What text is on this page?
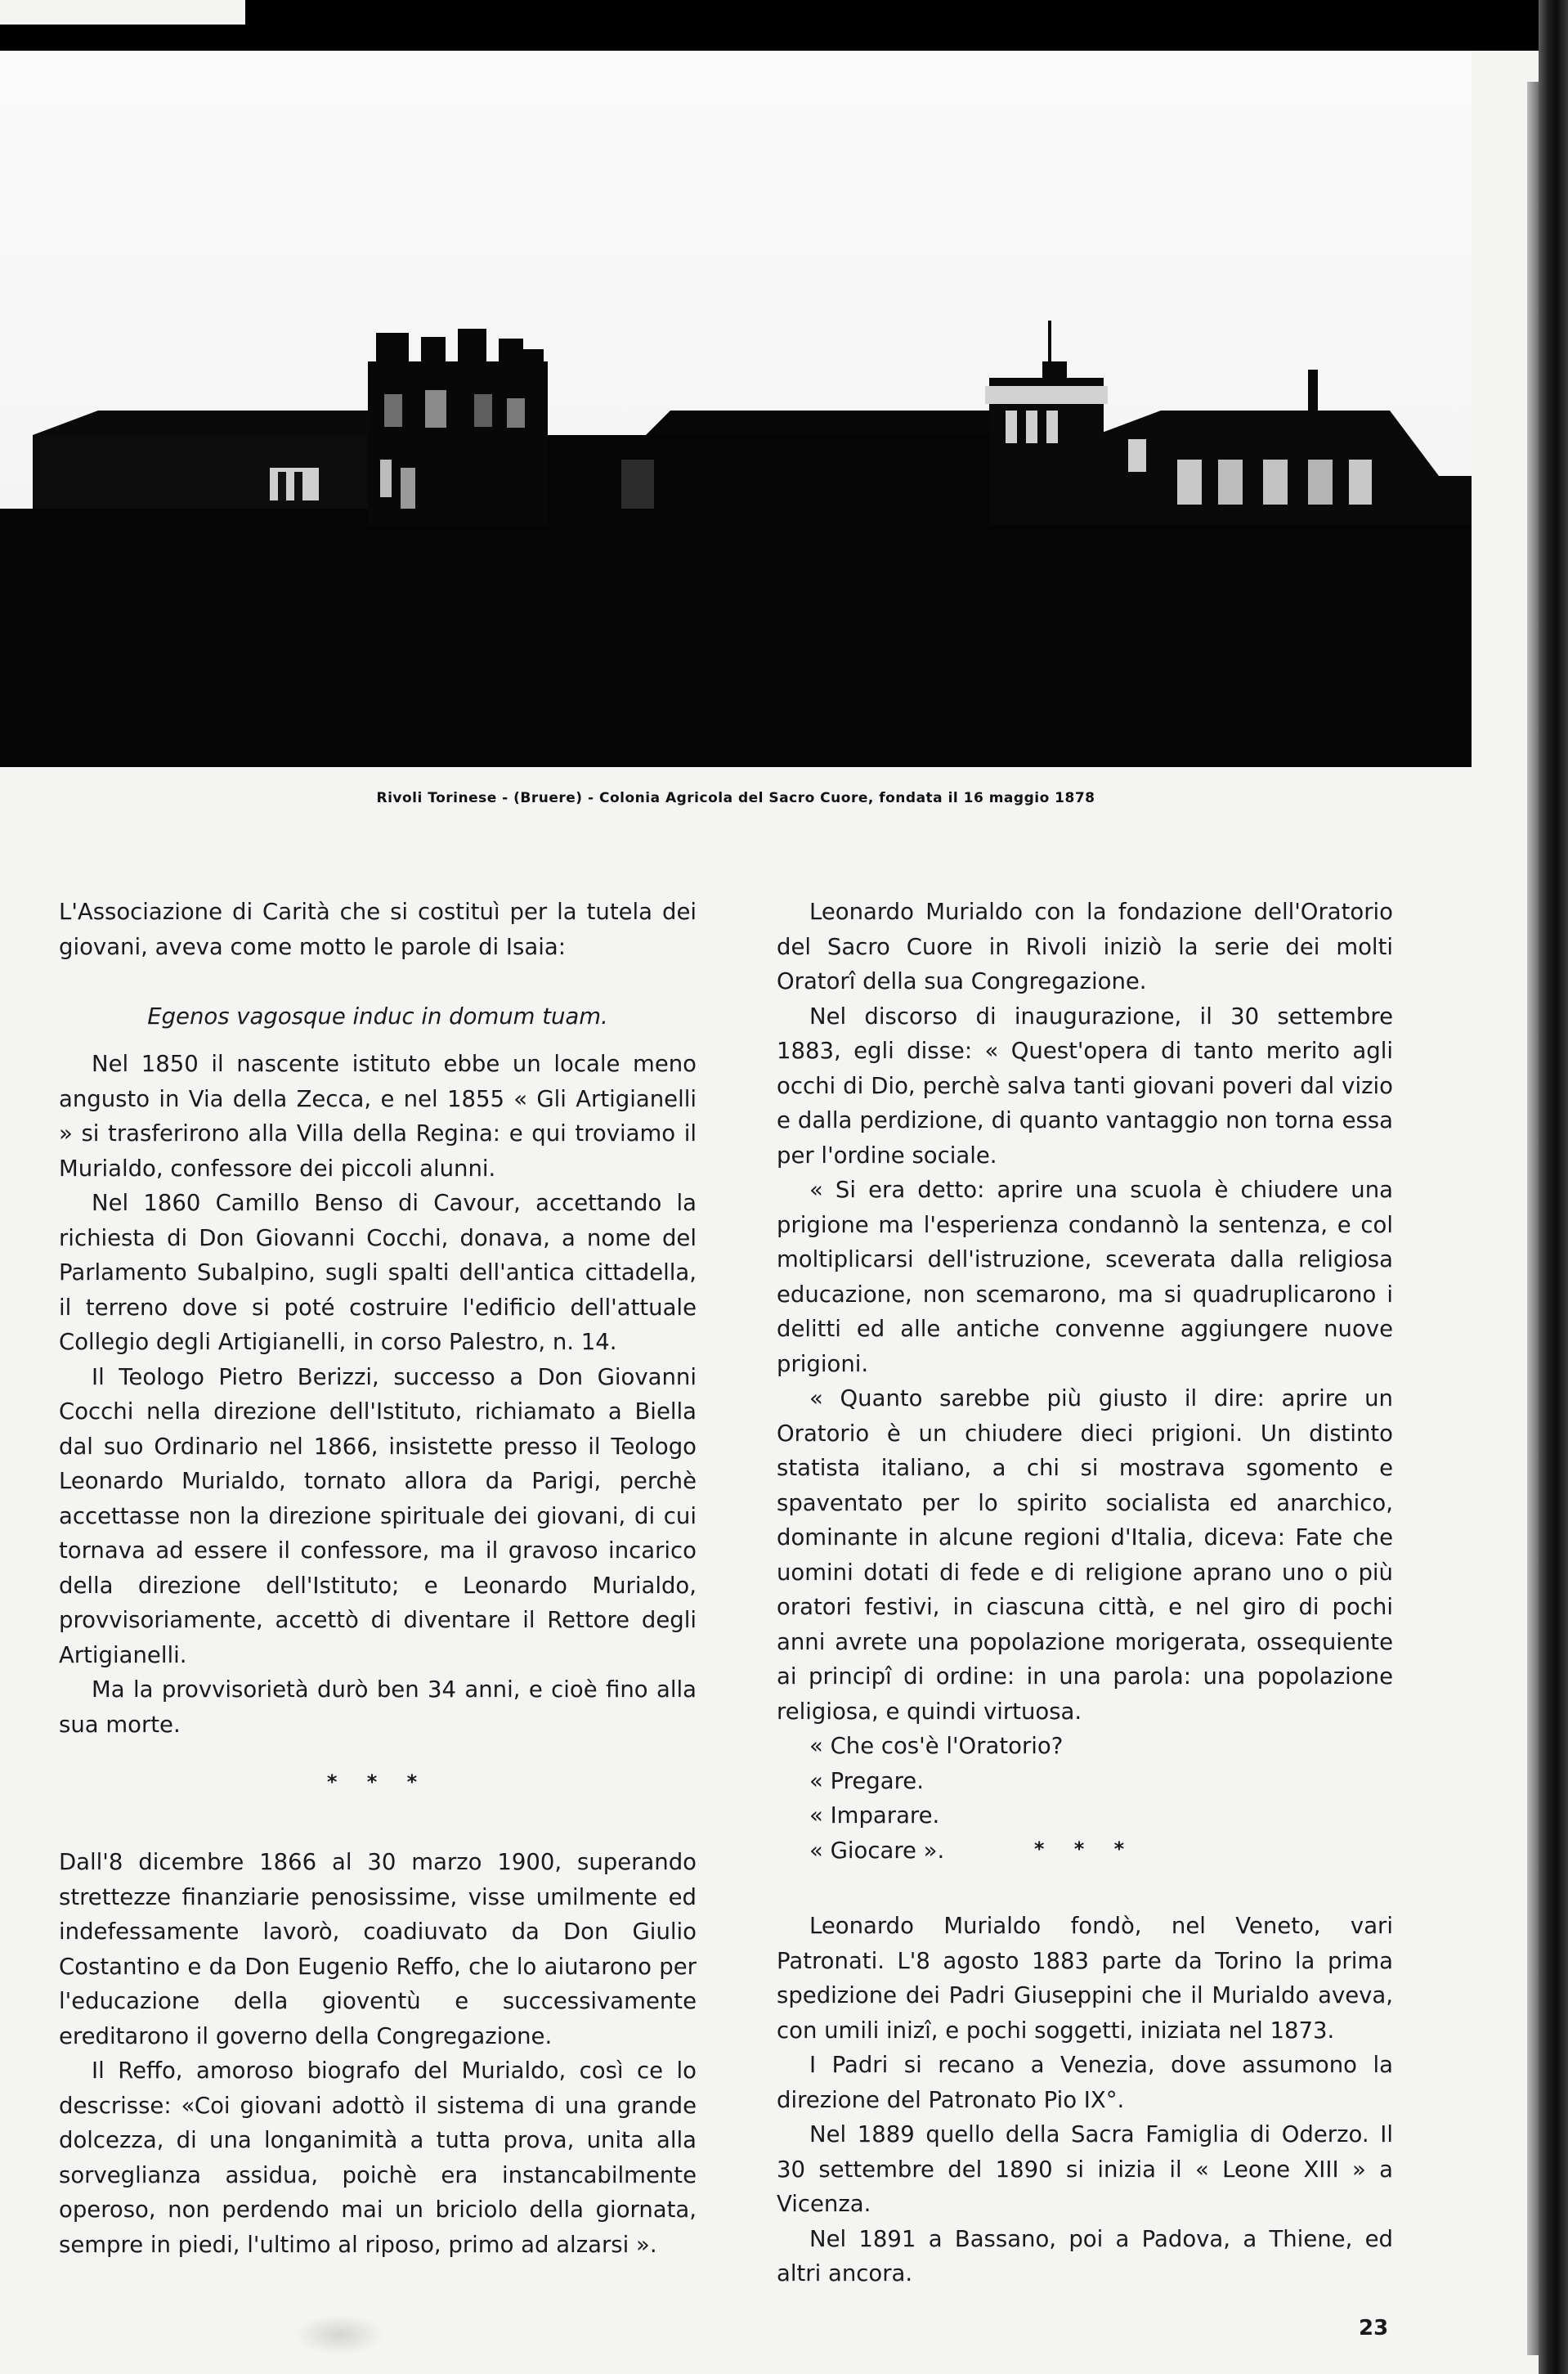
Rivoli Torinese - (Bruere) - Colonia Agricola del Sacro Cuore, fondata il 16 maggio 1878

L'Associazione di Carità che si costituì per la tutela dei giovani, aveva come motto le parole di Isaia:

Egenos vagosque induc in domum tuam.

Nel 1850 il nascente istituto ebbe un locale meno angusto in Via della Zecca, e nel 1855 « Gli Artigianelli » si trasferirono alla Villa della Regina: e qui troviamo il Murialdo, confessore dei piccoli alunni.

Nel 1860 Camillo Benso di Cavour, accettando la richiesta di Don Giovanni Cocchi, donava, a nome del Parlamento Subalpino, sugli spalti dell'antica cittadella, il terreno dove si poté costruire l'edificio dell'attuale Collegio degli Artigianelli, in corso Palestro, n. 14.

Il Teologo Pietro Berizzi, successo a Don Giovanni Cocchi nella direzione dell'Istituto, richiamato a Biella dal suo Ordinario nel 1866, insistette presso il Teologo Leonardo Murialdo, tornato allora da Parigi, perchè accettasse non la direzione spirituale dei giovani, di cui tornava ad essere il confessore, ma il gravoso incarico della direzione dell'Istituto; e Leonardo Murialdo, provvisoriamente, accettò di diventare il Rettore degli Artigianelli.

Ma la provvisorietà durò ben 34 anni, e cioè fino alla sua morte.

* * *

Dall'8 dicembre 1866 al 30 marzo 1900, superando strettezze finanziarie penosissime, visse umilmente ed indefessamente lavorò, coadiuvato da Don Giulio Costantino e da Don Eugenio Reffo, che lo aiutarono per l'educazione della gioventù e successivamente ereditarono il governo della Congregazione.

Il Reffo, amoroso biografo del Murialdo, così ce lo descrisse: «Coi giovani adottò il sistema di una grande dolcezza, di una longanimità a tutta prova, unita alla sorveglianza assidua, poichè era instancabilmente operoso, non perdendo mai un briciolo della giornata, sempre in piedi, l'ultimo al riposo, primo ad alzarsi ».

Leonardo Murialdo con la fondazione dell'Oratorio del Sacro Cuore in Rivoli iniziò la serie dei molti Oratorî della sua Congregazione.

Nel discorso di inaugurazione, il 30 settembre 1883, egli disse: « Quest'opera di tanto merito agli occhi di Dio, perchè salva tanti giovani poveri dal vizio e dalla perdizione, di quanto vantaggio non torna essa per l'ordine sociale.

« Si era detto: aprire una scuola è chiudere una prigione ma l'esperienza condannò la sentenza, e col moltiplicarsi dell'istruzione, sceverata dalla religiosa educazione, non scemarono, ma si quadruplicarono i delitti ed alle antiche convenne aggiungere nuove prigioni.

« Quanto sarebbe più giusto il dire: aprire un Oratorio è un chiudere dieci prigioni. Un distinto statista italiano, a chi si mostrava sgomento e spaventato per lo spirito socialista ed anarchico, dominante in alcune regioni d'Italia, diceva: Fate che uomini dotati di fede e di religione aprano uno o più oratori festivi, in ciascuna città, e nel giro di pochi anni avrete una popolazione morigerata, ossequiente ai principî di ordine: in una parola: una popolazione religiosa, e quindi virtuosa.

« Che cos'è l'Oratorio?

« Pregare.

« Imparare.

« Giocare ».	* * *

Leonardo Murialdo fondò, nel Veneto, vari Patronati. L'8 agosto 1883 parte da Torino la prima spedizione dei Padri Giuseppini che il Murialdo aveva, con umili inizî, e pochi soggetti, iniziata nel 1873.

I Padri si recano a Venezia, dove assumono la direzione del Patronato Pio IX°.

Nel 1889 quello della Sacra Famiglia di Oderzo. Il 30 settembre del 1890 si inizia il « Leone XIII » a Vicenza.

Nel 1891 a Bassano, poi a Padova, a Thiene, ed altri ancora.

23
